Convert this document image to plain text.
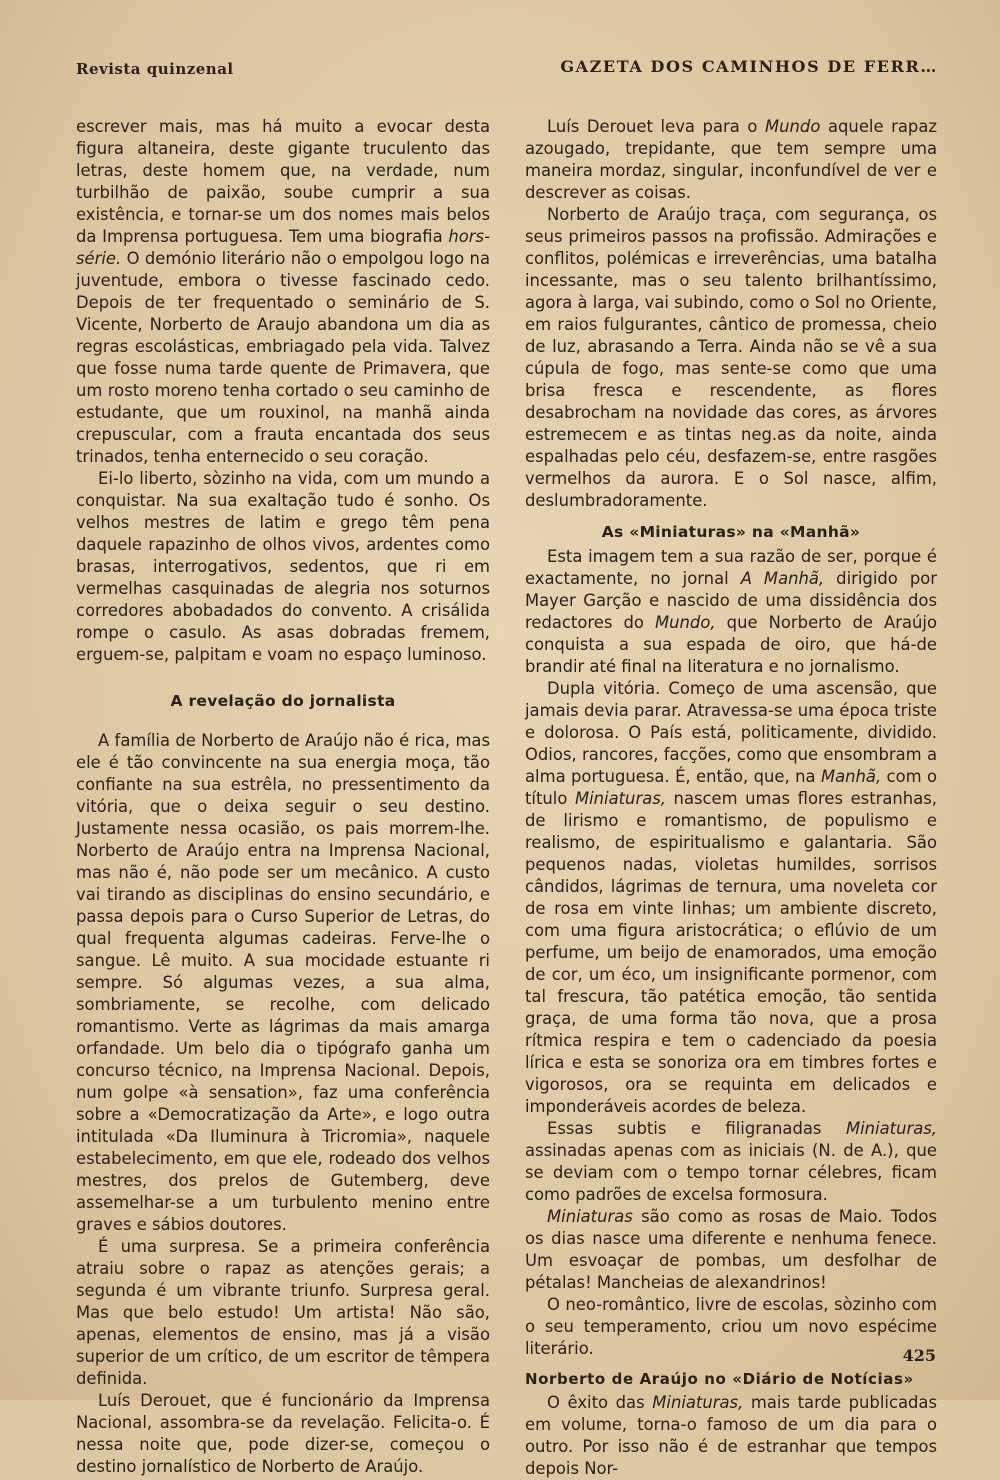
Revista quinzenal	GAZETA DOS CAMINHOS DE FERR…

escrever mais, mas há muito a evocar desta figura altaneira, deste gigante truculento das letras, deste homem que, na verdade, num turbilhão de paixão, soube cumprir a sua existência, e tornar-se um dos nomes mais belos da Imprensa portuguesa. Tem uma biografia hors-série. O demónio literário não o empolgou logo na juventude, embora o tivesse fascinado cedo. Depois de ter frequentado o seminário de S. Vicente, Norberto de Araujo abandona um dia as regras escolásticas, embriagado pela vida. Talvez que fosse numa tarde quente de Primavera, que um rosto moreno tenha cortado o seu caminho de estudante, que um rouxinol, na manhã ainda crepuscular, com a frauta encantada dos seus trinados, tenha enternecido o seu coração.

Ei-lo liberto, sòzinho na vida, com um mundo a conquistar. Na sua exaltação tudo é sonho. Os velhos mestres de latim e grego têm pena daquele rapazinho de olhos vivos, ardentes como brasas, interrogativos, sedentos, que ri em vermelhas casquinadas de alegria nos soturnos corredores abobadados do convento. A crisálida rompe o casulo. As asas dobradas fremem, erguem-se, palpitam e voam no espaço luminoso.

A revelação do jornalista

A família de Norberto de Araújo não é rica, mas ele é tão convincente na sua energia moça, tão confiante na sua estrêla, no pressentimento da vitória, que o deixa seguir o seu destino. Justamente nessa ocasião, os pais morrem-lhe. Norberto de Araújo entra na Imprensa Nacional, mas não é, não pode ser um mecânico. A custo vai tirando as disciplinas do ensino secundário, e passa depois para o Curso Superior de Letras, do qual frequenta algumas cadeiras. Ferve-lhe o sangue. Lê muito. A sua mocidade estuante ri sempre. Só algumas vezes, a sua alma, sombriamente, se recolhe, com delicado romantismo. Verte as lágrimas da mais amarga orfandade. Um belo dia o tipógrafo ganha um concurso técnico, na Imprensa Nacional. Depois, num golpe «à sensation», faz uma conferência sobre a «Democratização da Arte», e logo outra intitulada «Da Iluminura à Tricromia», naquele estabelecimento, em que ele, rodeado dos velhos mestres, dos prelos de Gutemberg, deve assemelhar-se a um turbulento menino entre graves e sábios doutores.

É uma surpresa. Se a primeira conferência atraiu sobre o rapaz as atenções gerais; a segunda é um vibrante triunfo. Surpresa geral. Mas que belo estudo! Um artista! Não são, apenas, elementos de ensino, mas já a visão superior de um crítico, de um escritor de têmpera definida.

Luís Derouet, que é funcionário da Imprensa Nacional, assombra-se da revelação. Felicita-o. É nessa noite que, pode dizer-se, começou o destino jornalístico de Norberto de Araújo.

Luís Derouet leva para o Mundo aquele rapaz azougado, trepidante, que tem sempre uma maneira mordaz, singular, inconfundível de ver e descrever as coisas.

Norberto de Araújo traça, com segurança, os seus primeiros passos na profissão. Admirações e conflitos, polémicas e irreverências, uma batalha incessante, mas o seu talento brilhantíssimo, agora à larga, vai subindo, como o Sol no Oriente, em raios fulgurantes, cântico de promessa, cheio de luz, abrasando a Terra. Ainda não se vê a sua cúpula de fogo, mas sente-se como que uma brisa fresca e rescendente, as flores desabrocham na novidade das cores, as árvores estremecem e as tintas neg.as da noite, ainda espalhadas pelo céu, desfazem-se, entre rasgões vermelhos da aurora. E o Sol nasce, alfim, deslumbradoramente.

As «Miniaturas» na «Manhã»

Esta imagem tem a sua razão de ser, porque é exactamente, no jornal A Manhã, dirigido por Mayer Garção e nascido de uma dissidência dos redactores do Mundo, que Norberto de Araújo conquista a sua espada de oiro, que há-de brandir até final na literatura e no jornalismo.

Dupla vitória. Começo de uma ascensão, que jamais devia parar. Atravessa-se uma época triste e dolorosa. O País está, politicamente, dividido. Odios, rancores, facções, como que ensombram a alma portuguesa. É, então, que, na Manhã, com o título Miniaturas, nascem umas flores estranhas, de lirismo e romantismo, de populismo e realismo, de espiritualismo e galantaria. São pequenos nadas, violetas humildes, sorrisos cândidos, lágrimas de ternura, uma noveleta cor de rosa em vinte linhas; um ambiente discreto, com uma figura aristocrática; o eflúvio de um perfume, um beijo de enamorados, uma emoção de cor, um éco, um insignificante pormenor, com tal frescura, tão patética emoção, tão sentida graça, de uma forma tão nova, que a prosa rítmica respira e tem o cadenciado da poesia lírica e esta se sonoriza ora em timbres fortes e vigorosos, ora se requinta em delicados e imponderáveis acordes de beleza.

Essas subtis e filigranadas Miniaturas, assinadas apenas com as iniciais (N. de A.), que se deviam com o tempo tornar célebres, ficam como padrões de excelsa formosura.

Miniaturas são como as rosas de Maio. Todos os dias nasce uma diferente e nenhuma fenece. Um esvoaçar de pombas, um desfolhar de pétalas! Mancheias de alexandrinos!

O neo-romântico, livre de escolas, sòzinho com o seu temperamento, criou um novo espécime literário.

Norberto de Araújo no «Diário de Notícias»

O êxito das Miniaturas, mais tarde publicadas em volume, torna-o famoso de um dia para o outro. Por isso não é de estranhar que tempos depois Nor-

425
